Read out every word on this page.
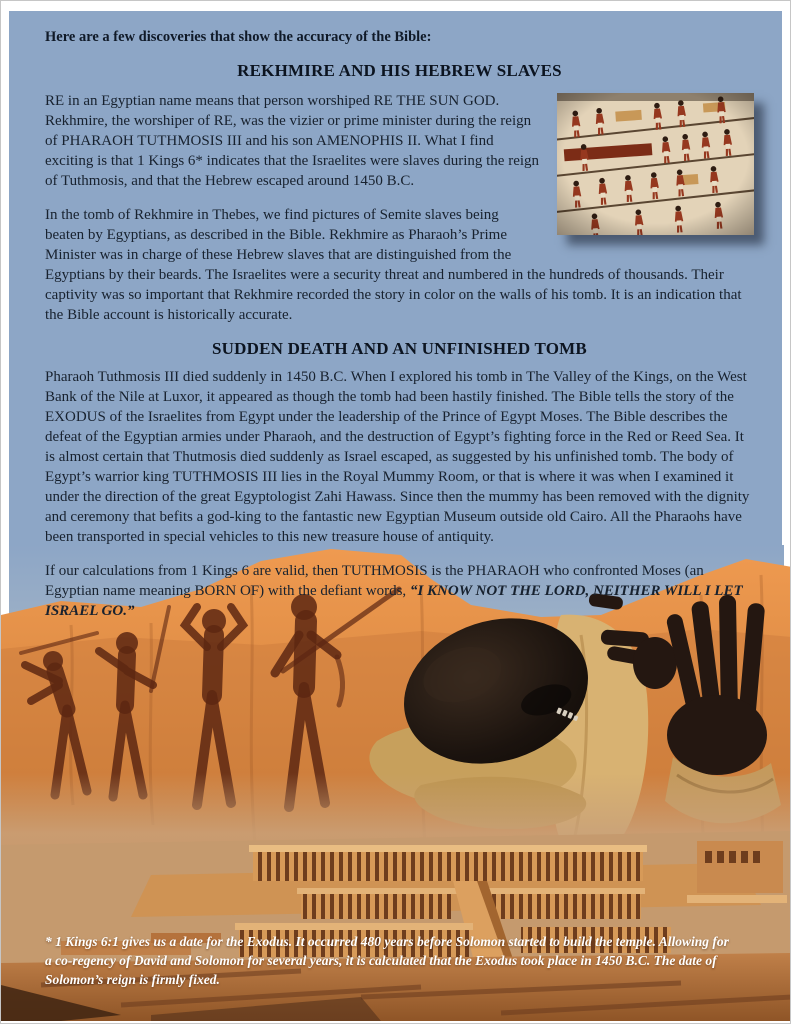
Here are a few discoveries that show the accuracy of the Bible:

REKHMIRE AND HIS HEBREW SLAVES

RE in an Egyptian name means that person worshiped RE THE SUN GOD. Rekhmire, the worshiper of RE, was the vizier or prime minister during the reign of PHARAOH TUTHMOSIS III and his son AMENOPHIS II. What I find exciting is that 1 Kings 6* indicates that the Israelites were slaves during the reign of Tuthmosis, and that the Hebrew escaped around 1450 B.C.

In the tomb of Rekhmire in Thebes, we find pictures of Semite slaves being beaten by Egyptians, as described in the Bible. Rekhmire as Pharaoh’s Prime Minister was in charge of these Hebrew slaves that are distinguished from the Egyptians by their beards. The Israelites were a security threat and numbered in the hundreds of thousands. Their captivity was so important that Rekhmire recorded the story in color on the walls of his tomb. It is an indication that the Bible account is historically accurate.

SUDDEN DEATH AND AN UNFINISHED TOMB

Pharaoh Tuthmosis III died suddenly in 1450 B.C. When I explored his tomb in The Valley of the Kings, on the West Bank of the Nile at Luxor, it appeared as though the tomb had been hastily finished. The Bible tells the story of the EXODUS of the Israelites from Egypt under the leadership of the Prince of Egypt Moses. The Bible describes the defeat of the Egyptian armies under Pharaoh, and the destruction of Egypt’s fighting force in the Red or Reed Sea. It is almost certain that Thutmosis died suddenly as Israel escaped, as suggested by his unfinished tomb. The body of Egypt’s warrior king TUTHMOSIS III lies in the Royal Mummy Room, or that is where it was when I examined it under the direction of the great Egyptologist Zahi Hawass. Since then the mummy has been removed with the dignity and ceremony that befits a god-king to the fantastic new Egyptian Museum outside old Cairo. All the Pharaohs have been transported in special vehicles to this new treasure house of antiquity.

If our calculations from 1 Kings 6 are valid, then TUTHMOSIS is the PHARAOH who confronted Moses (an Egyptian name meaning BORN OF) with the defiant words, “I KNOW NOT THE LORD, NEITHER WILL I LET ISRAEL GO.”

* 1 Kings 6:1 gives us a date for the Exodus. It occurred 480 years before Solomon started to build the temple. Allowing for a co-regency of David and Solomon for several years, it is calculated that the Exodus took place in 1450 B.C. The date of Solomon’s reign is firmly fixed.
